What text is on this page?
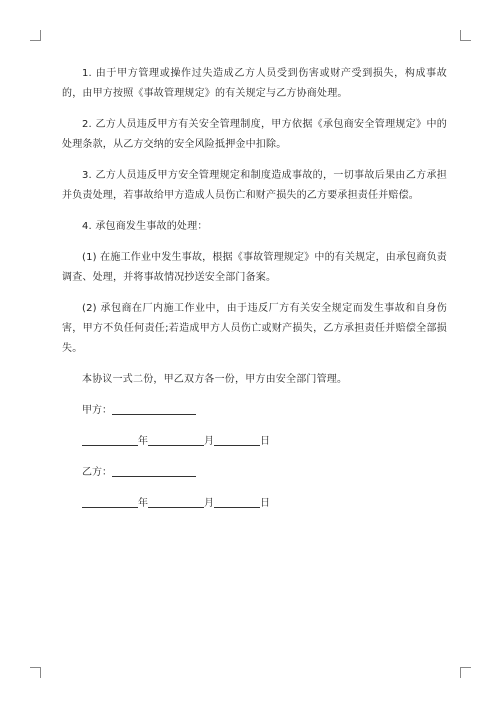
1. 由于甲方管理或操作过失造成乙方人员受到伤害或财产受到损失，构成事故的，由甲方按照《事故管理规定》的有关规定与乙方协商处理。

2. 乙方人员违反甲方有关安全管理制度，甲方依据《承包商安全管理规定》中的处理条款，从乙方交纳的安全风险抵押金中扣除。

3. 乙方人员违反甲方安全管理规定和制度造成事故的，一切事故后果由乙方承担并负责处理，若事故给甲方造成人员伤亡和财产损失的乙方要承担责任并赔偿。

4. 承包商发生事故的处理：

(1) 在施工作业中发生事故，根据《事故管理规定》中的有关规定，由承包商负责调查、处理，并将事故情况抄送安全部门备案。

(2) 承包商在厂内施工作业中，由于违反厂方有关安全规定而发生事故和自身伤害，甲方不负任何责任;若造成甲方人员伤亡或财产损失，乙方承担责任并赔偿全部损失。

本协议一式二份，甲乙双方各一份，甲方由安全部门管理。

甲方：
年	月	日
乙方：
年	月	日
